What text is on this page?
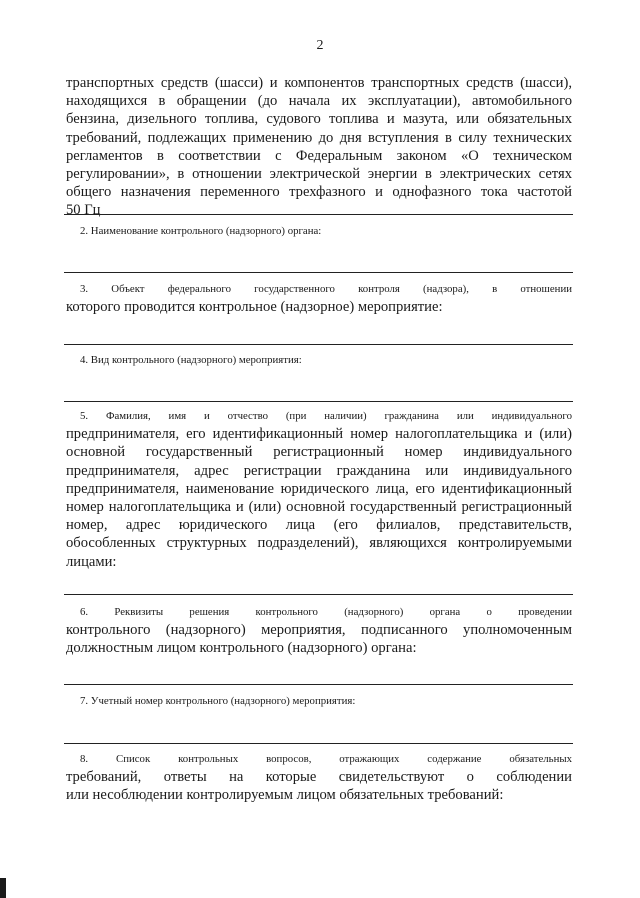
2
транспортных средств (шасси) и компонентов транспортных средств (шасси),
находящихся в обращении (до начала их эксплуатации), автомобильного
бензина, дизельного топлива, судового топлива и мазута, или обязательных
требований, подлежащих применению до дня вступления в силу технических
регламентов в соответствии с Федеральным законом «О техническом
регулировании», в отношении электрической энергии в электрических сетях
общего назначения переменного трехфазного и однофазного тока частотой
50 Гц
2. Наименование контрольного (надзорного) органа:
3. Объект федерального государственного контроля (надзора), в отношении
которого проводится контрольное (надзорное) мероприятие:
4. Вид контрольного (надзорного) мероприятия:
5. Фамилия, имя и отчество (при наличии) гражданина или индивидуального
предпринимателя, его идентификационный номер налогоплательщика и (или)
основной государственный регистрационный номер индивидуального
предпринимателя, адрес регистрации гражданина или индивидуального
предпринимателя, наименование юридического лица, его идентификационный
номер налогоплательщика и (или) основной государственный регистрационный
номер, адрес юридического лица (его филиалов, представительств,
обособленных структурных подразделений), являющихся контролируемыми
лицами:
6. Реквизиты решения контрольного (надзорного) органа о проведении
контрольного (надзорного) мероприятия, подписанного уполномоченным
должностным лицом контрольного (надзорного) органа:
7. Учетный номер контрольного (надзорного) мероприятия:
8. Список контрольных вопросов, отражающих содержание обязательных
требований, ответы на которые свидетельствуют о соблюдении
или несоблюдении контролируемым лицом обязательных требований:
